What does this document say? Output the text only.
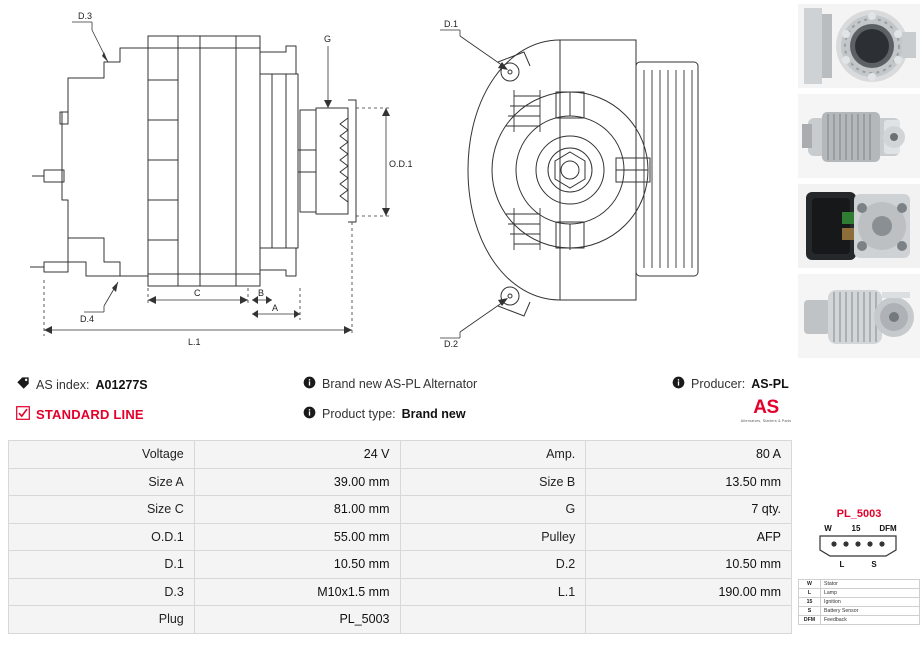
D.3
D.4
G
O.D.1
C	B
A
L.1
D.1
D.2
AS index: A01277S	Brand new AS-PL Alternator	Producer: AS-PL
STANDARD LINE	Product type: Brand new	AS
Alternators, Starters & Parts
Voltage	24 V	Amp.	80 A
Size A	39.00 mm	Size B	13.50 mm
Size C	81.00 mm	G	7 qty.
O.D.1	55.00 mm	Pulley	AFP
D.1	10.50 mm	D.2	10.50 mm
D.3	M10x1.5 mm	L.1	190.00 mm
Plug	PL_5003		
PL_5003
W 15 DFM
L	S
W	Stator
L	Lamp
15	Ignition
S	Battery Sensor
DFM	Feedback
